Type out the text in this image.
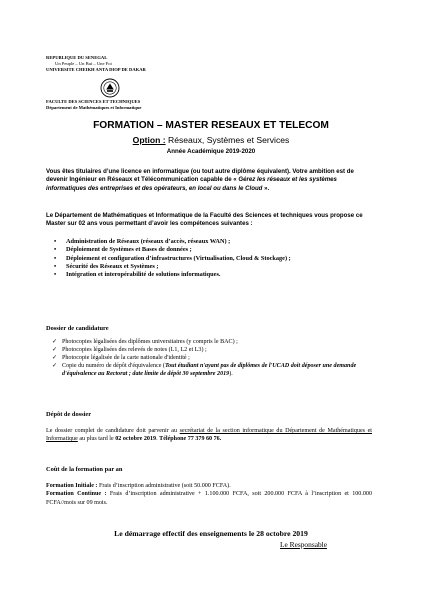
REPUBLIQUE DU SENEGAL
Un Peuple – Un But – Une Foi
UNIVERSITE CHEIKH ANTA DIOP DE DAKAR
FACULTE DES SCIENCES ET TECHNIQUES
Département de Mathématiques et Informatique
FORMATION – MASTER RESEAUX ET TELECOM
Option : Réseaux, Systèmes et Services
Année Académique 2019-2020
Vous êtes titulaires d’une licence en informatique (ou tout autre diplôme équivalent). Votre ambition est de devenir Ingénieur en Réseaux et Télécommunication capable de « Gérez les réseaux et les systèmes informatiques des entreprises et des opérateurs, en local ou dans le Cloud ».
Le Département de Mathématiques et Informatique de la Faculté des Sciences et techniques vous propose ce Master sur 02 ans vous permettant d’avoir les compétences suivantes :
• Administration de Réseaux (réseaux d’accès, réseaux WAN) ;
• Déploiement de Systèmes et Bases de données ;
• Déploiement et configuration d’infrastructures (Virtualisation, Cloud & Stockage) ;
• Sécurité des Réseaux et Systèmes ;
• Intégration et interopérabilité de solutions informatiques.
Dossier de candidature
✓ Photocopies légalisées des diplômes universitaires (y compris le BAC) ;
✓ Photocopies légalisées des relevés de notes (L1, L2 et L3) ;
✓ Photocopie légalisée de la carte nationale d'identité ;
✓ Copie du numéro de dépôt d'équivalence (Tout étudiant n'ayant pas de diplômes de l'UCAD doit déposer une demande d'équivalence au Rectorat ; date limite de dépôt 30 septembre 2019).
Dépôt de dossier
Le dossier complet de candidature doit parvenir au secrétariat de la section informatique du Département de Mathématiques et Informatique au plus tard le 02 octobre 2019. Téléphone 77 379 60 76.
Coût de la formation par an
Formation Initiale : Frais d’inscription administrative (soit 50.000 FCFA).
Formation Continue : Frais d’inscription administrative + 1.100.000 FCFA, soit 200.000 FCFA à l’inscription et 100.000 FCFA//mois sur 09 mois.
Le démarrage effectif des enseignements le 28 octobre 2019
Le Responsable
